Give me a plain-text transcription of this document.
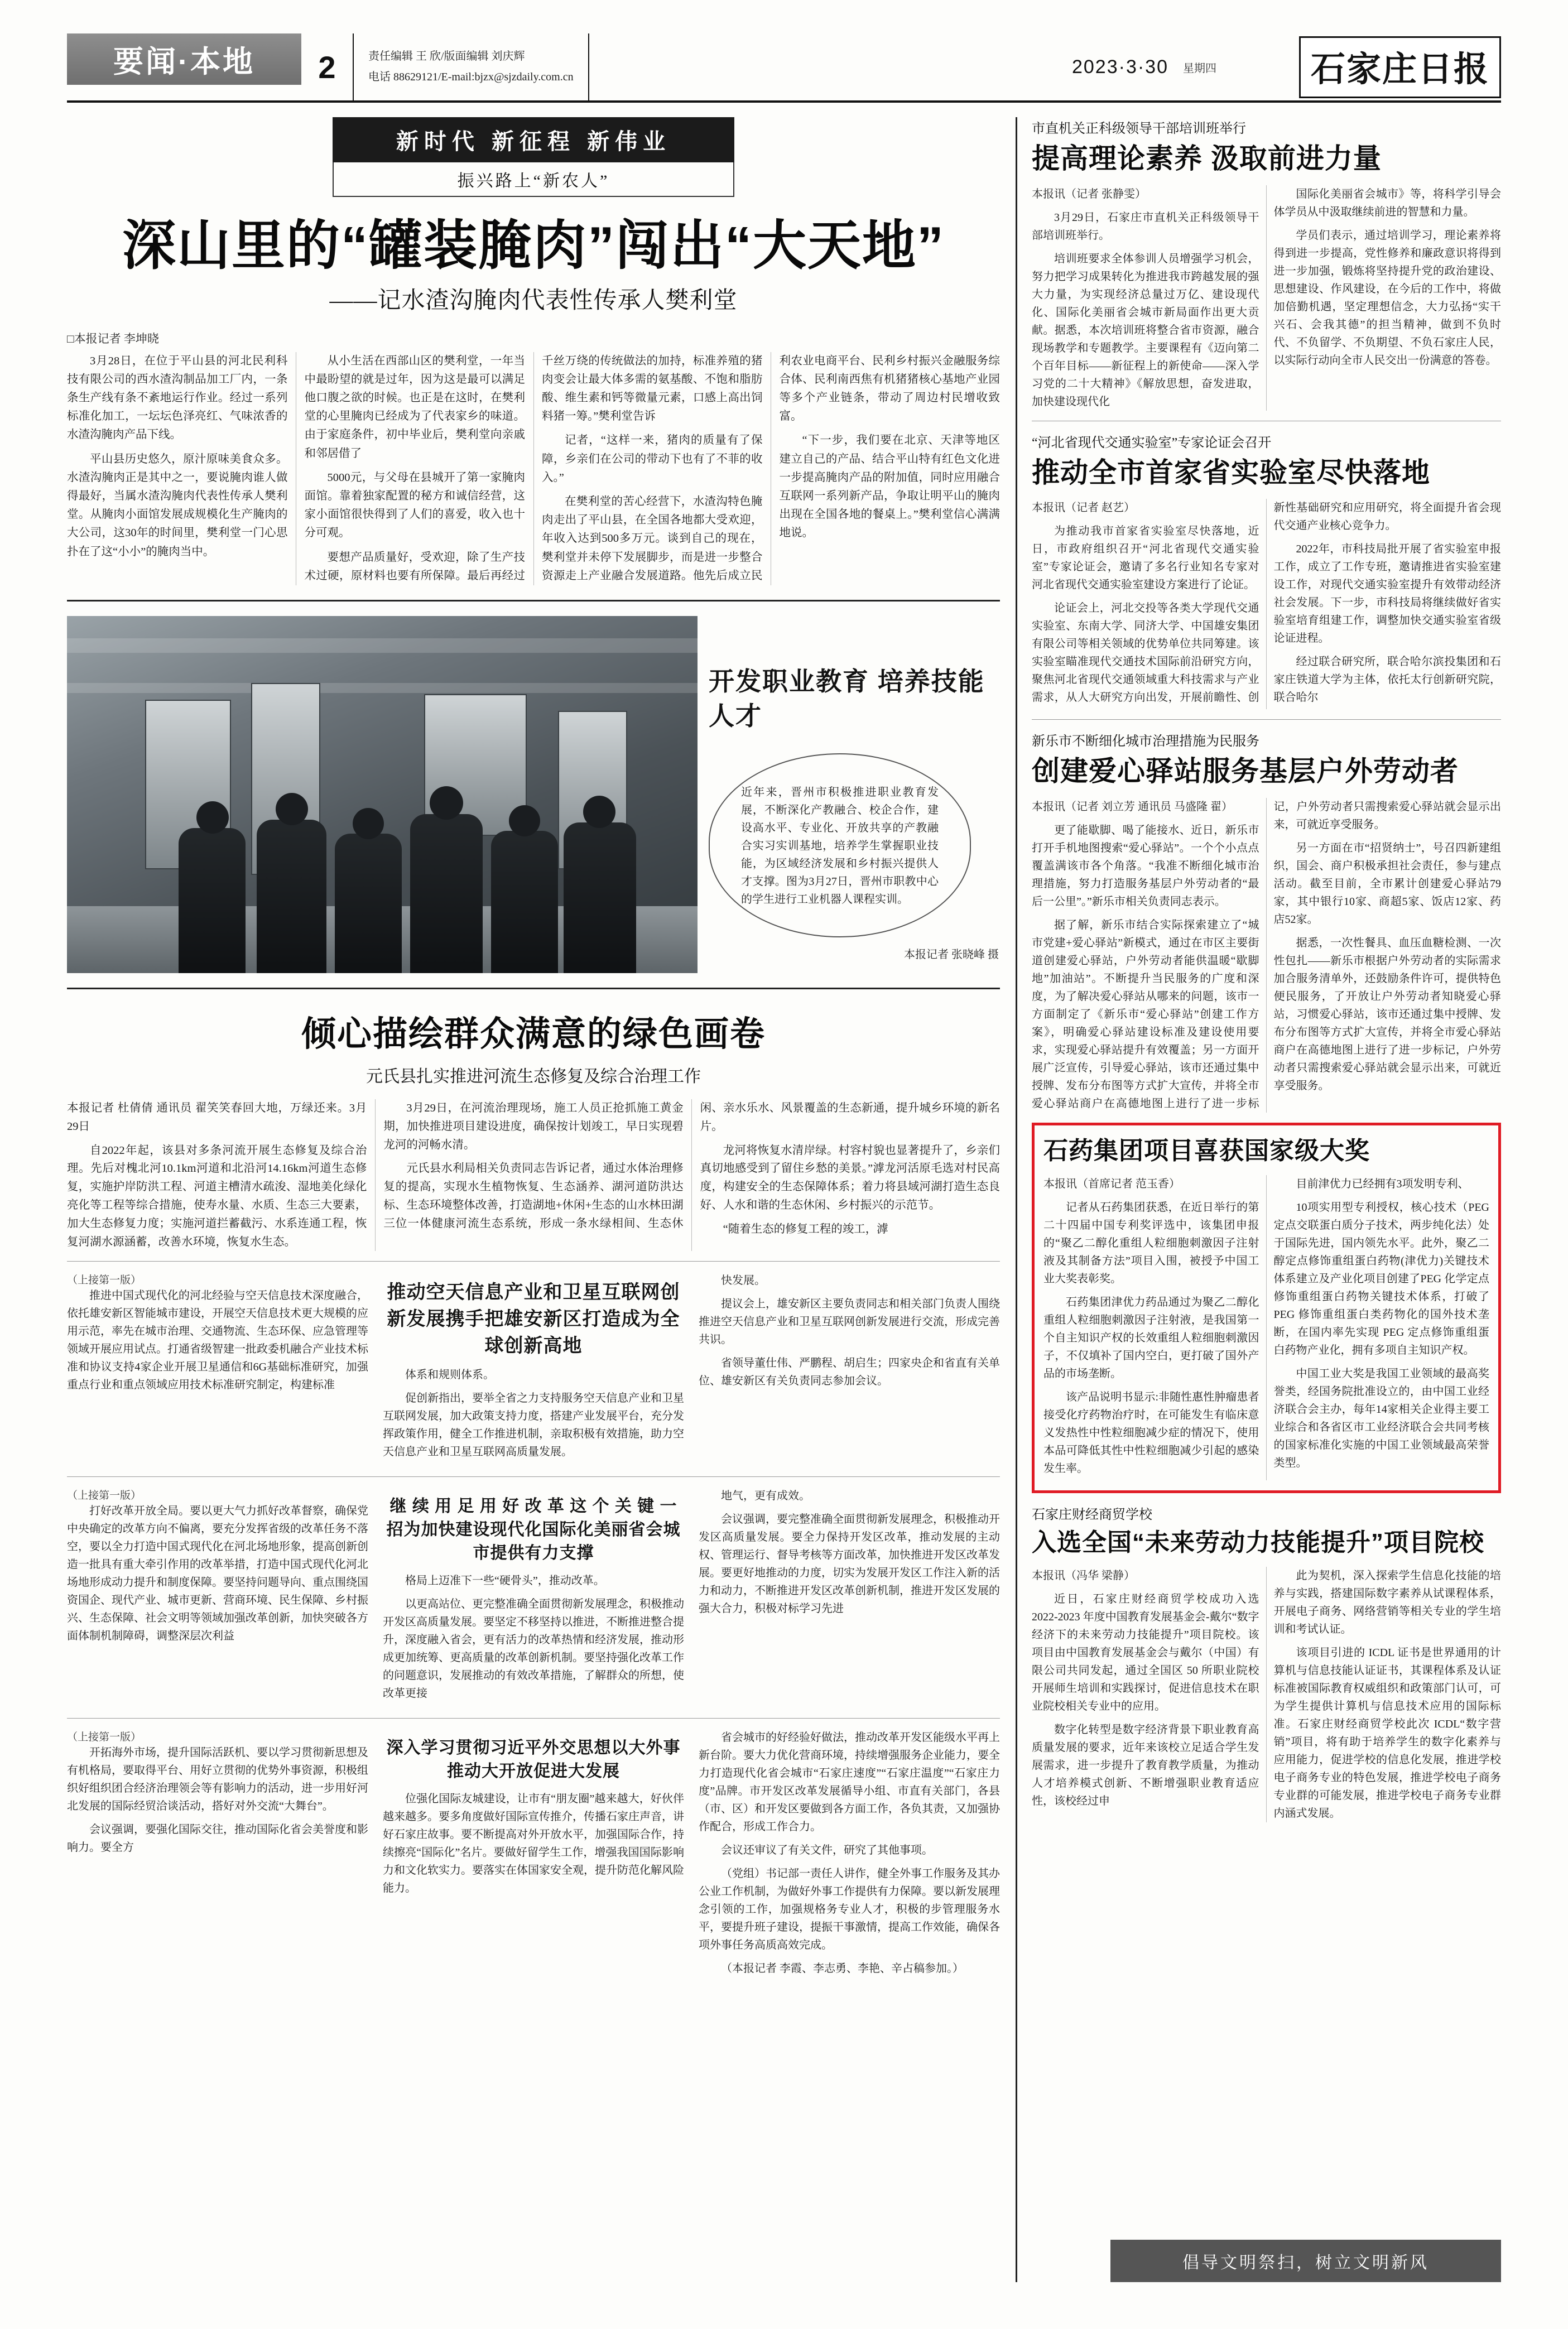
要闻·本地	2	责任编辑 王 欣/版面编辑 刘庆辉
电话 88629121/E-mail:bjzx@sjzdaily.com.cn	2023·3·30 星期四	石家庄日报
新时代 新征程 新伟业
振兴路上“新农人”
深山里的“罐装腌肉”闯出“大天地”
——记水渣沟腌肉代表性传承人樊利堂
□本报记者 李坤晓

3月28日，在位于平山县的河北民利科技有限公司的西水渣沟制品加工厂内，一条条生产线有条不紊地运行作业。经过一系列标准化加工，一坛坛色泽亮红、气味浓香的水渣沟腌肉产品下线。

平山县历史悠久，原汁原味美食众多。水渣沟腌肉正是其中之一，要说腌肉谁人做得最好，当属水渣沟腌肉代表性传承人樊利堂。从腌肉小面馆发展成规模化生产腌肉的大公司，这30年的时间里，樊利堂一门心思扑在了这“小小”的腌肉当中。

从小生活在西部山区的樊利堂，一年当中最盼望的就是过年，因为这是最可以满足他口腹之欲的时候。也正是在这时，在樊利堂的心里腌肉已经成为了代表家乡的味道。由于家庭条件，初中毕业后，樊利堂向亲戚和邻居借了

5000元，与父母在县城开了第一家腌肉面馆。靠着独家配置的秘方和诚信经营，这家小面馆很快得到了人们的喜爱，收入也十分可观。

要想产品质量好，受欢迎，除了生产技术过硬，原材料也要有所保障。最后再经过千丝万绕的传统做法的加持，标准养殖的猪肉变会让最大体多需的氨基酸、不饱和脂肪酸、维生素和钙等微量元素，口感上高出饲料猪一筹。”樊利堂告诉

记者，“这样一来，猪肉的质量有了保障，乡亲们在公司的带动下也有了不菲的收入。”

在樊利堂的苦心经营下，水渣沟特色腌肉走出了平山县，在全国各地都大受欢迎，年收入达到500多万元。谈到自己的现在，樊利堂并未停下发展脚步，而是进一步整合资源走上产业融合发展道路。他先后成立民利农业电商平台、民利乡村振兴金融服务综合体、民利南西焦有机猪猪核心基地产业园等多个产业链条，带动了周边村民增收致富。

“下一步，我们要在北京、天津等地区建立自己的产品、结合平山特有红色文化进一步提高腌肉产品的附加值，同时应用融合互联网一系列新产品，争取让明平山的腌肉出现在全国各地的餐桌上。”樊利堂信心满满地说。

开发职业教育 培养技能人才
近年来，晋州市积极推进职业教育发展，不断深化产教融合、校企合作，建设高水平、专业化、开放共享的产教融合实习实训基地，培养学生掌握职业技能，为区域经济发展和乡村振兴提供人才支撑。图为3月27日，晋州市职教中心的学生进行工业机器人课程实训。
本报记者 张晓峰 摄
倾心描绘群众满意的绿色画卷
元氏县扎实推进河流生态修复及综合治理工作

本报记者 杜倩倩 通讯员 翟笑笑春回大地，万绿还来。3月29日

自2022年起，该县对多条河流开展生态修复及综合治理。先后对槐北河10.1km河道和北沿河14.16km河道生态修复，实施护岸防洪工程、河道主槽清水疏浚、湿地美化绿化亮化等工程等综合措施，使寿水量、水质、生态三大要素，加大生态修复力度；实施河道拦蓄截污、水系连通工程，恢复河湖水源涵蓄，改善水环境，恢复水生态。

3月29日，在河流治理现场，施工人员正抢抓施工黄金期，加快推进项目建设进度，确保按计划竣工，早日实现碧龙河的河畅水清。

元氏县水利局相关负责同志告诉记者，通过水体治理修复的提高，实现水生植物恢复、生态涵养、湖河道防洪达标、生态环境整体改善，打造湖地+休闲+生态的山水林田湖三位一体健康河流生态系统，形成一条水绿相间、生态休闲、亲水乐水、风景覆盖的生态新通，提升城乡环境的新名片。

龙河将恢复水清岸绿。村容村貌也显著提升了，乡亲们真切地感受到了留住乡愁的美景。”滹龙河活原毛选对村民高度，构建安全的生态保障体系；着力将县域河湖打造生态良好、人水和谐的生态休闲、乡村振兴的示范节。

“随着生态的修复工程的竣工，滹

（上接第一版）

推进中国式现代化的河北经验与空天信息技术深度融合，依托雄安新区智能城市建设，开展空天信息技术更大规模的应用示范，率先在城市治理、交通物流、生态环保、应急管理等领域开展应用试点。打通省级智建一批政委机融合产业技术标准和协议支持4家企业开展卫星通信和6G基础标准研究，加强重点行业和重点领域应用技术标准研究制定，构建标准

推动空天信息产业和卫星互联网创新发展携手把雄安新区打造成为全球创新高地

体系和规则体系。

促创新指出，要举全省之力支持服务空天信息产业和卫星互联网发展，加大政策支持力度，搭建产业发展平台，充分发挥政策作用，健全工作推进机制，亲取积极有效措施，助力空天信息产业和卫星互联网高质量发展。

快发展。

提议会上，雄安新区主要负责同志和相关部门负责人围绕推进空天信息产业和卫星互联网创新发展进行交流，形成完善共识。

省领导董仕伟、严鹏程、胡启生；四家央企和省直有关单位、雄安新区有关负责同志参加会议。

（上接第一版）

打好改革开放全局。要以更大气力抓好改革督察，确保党中央确定的改革方向不偏离，要充分发挥省级的改革任务不落空，要以全力打造中国式现代化在河北场地形象，提高创新创造一批具有重大牵引作用的改革举措，打造中国式现代化河北场地形成动力提升和制度保障。要坚持问题导向、重点围绕国资国企、现代产业、城市更新、营商环境、民生保障、乡村振兴、生态保障、社会文明等领域加强改革创新，加快突破各方面体制机制障碍，调整深层次利益

继 续 用 足 用 好 改 革 这 个 关 键 一 招为加快建设现代化国际化美丽省会城市提供有力支撑

格局上迈准下一些“硬骨头”，推动改革。

以更高站位、更完整准确全面贯彻新发展理念，积极推动开发区高质量发展。要坚定不移坚持以推进，不断推进整合提升，深度融入省会，更有活力的改革热情和经济发展，推动形成更加统筹、更高质量的改革创新机制。要坚持强化改革工作的问题意识，发展推动的有效改革措施，了解群众的所想，使改革更接

地气，更有成效。

会议强调，要完整准确全面贯彻新发展理念，积极推动开发区高质量发展。要全力保持开发区改革，推动发展的主动权、管理运行、督导考核等方面改革，加快推进开发区改革发展。要更好地推动的力度，切实为发展开发区工作注入新的活力和动力，不断推进开发区改革创新机制，推进开发区发展的强大合力，积极对标学习先进

（上接第一版）

开拓海外市场，提升国际活跃机、要以学习贯彻新思想及有机格局，要取得平台、用好立贯彻的优势外事资源，积极组织好组织团合经济治理领会等有影响力的活动，进一步用好河北发展的国际经贸洽谈活动，搭好对外交流“大舞台”。

会议强调，要强化国际交往，推动国际化省会美誉度和影响力。要全方

深入学习贯彻习近平外交思想以大外事推动大开放促进大发展

位强化国际友城建设，让市有“朋友圈”越来越大，好伙伴越来越多。要多角度做好国际宣传推介，传播石家庄声音，讲好石家庄故事。要不断提高对外开放水平，加强国际合作，持续擦亮“国际化”名片。要做好留学生工作，增强我国国际影响力和文化软实力。要落实在体国家安全观，提升防范化解风险能力。

省会城市的好经验好做法，推动改革开发区能级水平再上新台阶。要大力优化营商环境，持续增强服务企业能力，要全力打造现代化省会城市“石家庄速度”“石家庄温度”“石家庄力度”品牌。市开发区改革发展循导小组、市直有关部门，各县（市、区）和开发区要做到各方面工作，各负其责，又加强协作配合，形成工作合力。

会议还审议了有关文件，研究了其他事项。

（党组）书记部一责任人讲作，健全外事工作服务及其办公业工作机制，为做好外事工作提供有力保障。要以新发展理念引领的工作，加强规格务专业人才，积极的步管理服务水平，要提升班子建设，提振干事激情，提高工作效能，确保各项外事任务高质高效完成。

（本报记者 李霞、李志勇、李艳、辛占稿参加。）

市直机关正科级领导干部培训班举行
提高理论素养 汲取前进力量

本报讯（记者 张静雯）

3月29日，石家庄市直机关正科级领导干部培训班举行。

培训班要求全体参训人员增强学习机会，努力把学习成果转化为推进我市跨越发展的强大力量，为实现经济总量过万亿、建设现代化、国际化美丽省会城市新局面作出更大贡献。据悉，本次培训班将整合省市资源，融合现场教学和专题教学。主要课程有《迈向第二个百年目标——新征程上的新使命——深入学习党的二十大精神》《解放思想，奋发进取，加快建设现代化

国际化美丽省会城市》等，将科学引导会体学员从中汲取继续前进的智慧和力量。

学员们表示，通过培训学习，理论素养将得到进一步提高，党性修养和廉政意识将得到进一步加强，锻炼将坚持提升党的政治建设、思想建设、作风建设，在今后的工作中，将做加倍勤机遇，坚定理想信念，大力弘扬“实干兴石、会我其德”的担当精神，做到不负时代、不负留学、不负期望、不负石家庄人民，以实际行动向全市人民交出一份满意的答卷。

“河北省现代交通实验室”专家论证会召开
推动全市首家省实验室尽快落地

本报讯（记者 赵艺）

为推动我市首家省实验室尽快落地，近日，市政府组织召开“河北省现代交通实验室”专家论证会，邀请了多名行业知名专家对河北省现代交通实验室建设方案进行了论证。

论证会上，河北交投等各类大学现代交通实验室、东南大学、同济大学、中国雄安集团有限公司等相关领域的优势单位共同筹建。该实验室瞄准现代交通技术国际前沿研究方向，聚焦河北省现代交通领域重大科技需求与产业需求，从人大研究方向出发，开展前瞻性、创新性基础研究和应用研究，将全面提升省会现代交通产业核心竞争力。

2022年，市科技局批开展了省实验室申报工作，成立了工作专班，邀请推进省实验室建设工作，对现代交通实验室提升有效带动经济社会发展。下一步，市科技局将继续做好省实验室培育组建工作，调整加快交通实验室省级论证进程。

经过联合研究所，联合哈尔滨投集团和石家庄铁道大学为主体，依托太行创新研究院，联合哈尔

新乐市不断细化城市治理措施为民服务
创建爱心驿站服务基层户外劳动者

本报讯（记者 刘立芳 通讯员 马盛隆 翟）

更了能歇脚、喝了能接水、近日，新乐市打开手机地图搜索“爱心驿站”。一个个小点点覆盖满该市各个角落。“我准不断细化城市治理措施，努力打造服务基层户外劳动者的“最后一公里”。”新乐市相关负责同志表示。

据了解，新乐市结合实际探索建立了“城市党建+爱心驿站”新模式，通过在市区主要街道创建爱心驿站，户外劳动者能供温暖“歇脚地”加油站”。不断提升当民服务的广度和深度，为了解决爱心驿站从哪来的问题，该市一方面制定了《新乐市“爱心驿站”创建工作方案》，明确爱心驿站建设标准及建设使用要求，实现爱心驿站提升有效覆盖；另一方面开展广泛宣传，引导爱心驿站，该市还通过集中授牌、发布分布图等方式扩大宣传，并将全市爱心驿站商户在高德地图上进行了进一步标记，户外劳动者只需搜索爱心驿站就会显示出来，可就近享受服务。

另一方面在市“招贤纳士”，号召四新建组织，国会、商户积极承担社会责任，参与建点活动。截至目前，全市累计创建爱心驿站79家，其中银行10家、商超5家、饭店12家、药店52家。

据悉，一次性餐具、血压血糖检测、一次性包扎——新乐市根据户外劳动者的实际需求加合服务清单外，还鼓励条件许可，提供特色便民服务，了开放让户外劳动者知晓爱心驿站，习惯爱心驿站，该市还通过集中授牌、发布分布图等方式扩大宣传，并将全市爱心驿站商户在高德地图上进行了进一步标记，户外劳动者只需搜索爱心驿站就会显示出来，可就近享受服务。

石药集团项目喜获国家级大奖

本报讯（首席记者 范玉香）

记者从石药集团获悉，在近日举行的第二十四届中国专利奖评选中，该集团申报的“聚乙二醇化重组人粒细胞刺激因子注射液及其制备方法”项目入围，被授予中国工业大奖表彰奖。

石药集团津优力药品通过为聚乙二醇化重组人粒细胞刺激因子注射液，是我国第一个自主知识产权的长效重组人粒细胞刺激因子，不仅填补了国内空白，更打破了国外产品的市场垄断。

该产品说明书显示:非随性惠性肿瘤患者接受化疗药物治疗时，在可能发生有临床意义发热性中性粒细胞减少症的情况下，使用本品可降低其性中性粒细胞减少引起的感染发生率。

目前津优力已经拥有3项发明专利、

10项实用型专利授权，核心技术（PEG 定点交联蛋白质分子技术，两步纯化法）处于国际先进，国内领先水平。此外，聚乙二醇定点修饰重组蛋白药物(津优力)关键技术体系建立及产业化项目创建了PEG 化学定点修饰重组蛋白药物关键技术体系，打破了 PEG 修饰重组蛋白类药物化的国外技术垄断，在国内率先实现 PEG 定点修饰重组蛋白药物产业化，拥有多项自主知识产权。

中国工业大奖是我国工业领域的最高奖誉类，经国务院批准设立的，由中国工业经济联合会主办，每年14家相关企业得主要工业综合和各省区市工业经济联合会共同考核的国家标准化实施的中国工业领域最高荣誉类型。

石家庄财经商贸学校
入选全国“未来劳动力技能提升”项目院校

本报讯（冯华 梁静）

近日，石家庄财经商贸学校成功入选 2022-2023 年度中国教育发展基金会-戴尔“数字经济下的未来劳动力技能提升”项目院校。该项目由中国教育发展基金会与戴尔（中国）有限公司共同发起，通过全国区 50 所职业院校开展师生培训和实践探讨，促进信息技术在职业院校相关专业中的应用。

数字化转型是数字经济背景下职业教育高质量发展的要求，近年来该校立足适合学生发展需求，进一步提升了教育教学质量，为推动人才培养模式创新、不断增强职业教育适应性，该校经过申

此为契机，深入探索学生信息化技能的培养与实践，搭建国际数字素养从试课程体系，开展电子商务、网络营销等相关专业的学生培训和考试认证。

该项目引进的 ICDL 证书是世界通用的计算机与信息技能认证证书，其课程体系及认证标准被国际教育权威组织和政策部门认可，可为学生提供计算机与信息技术应用的国际标准。石家庄财经商贸学校此次 ICDL“数字营销”项目，将有助于培养学生的数字化素养与应用能力，促进学校的信息化发展，推进学校电子商务专业的特色发展，推进学校电子商务专业群的可能发展，推进学校电子商务专业群内涵式发展。

倡导文明祭扫，树立文明新风
